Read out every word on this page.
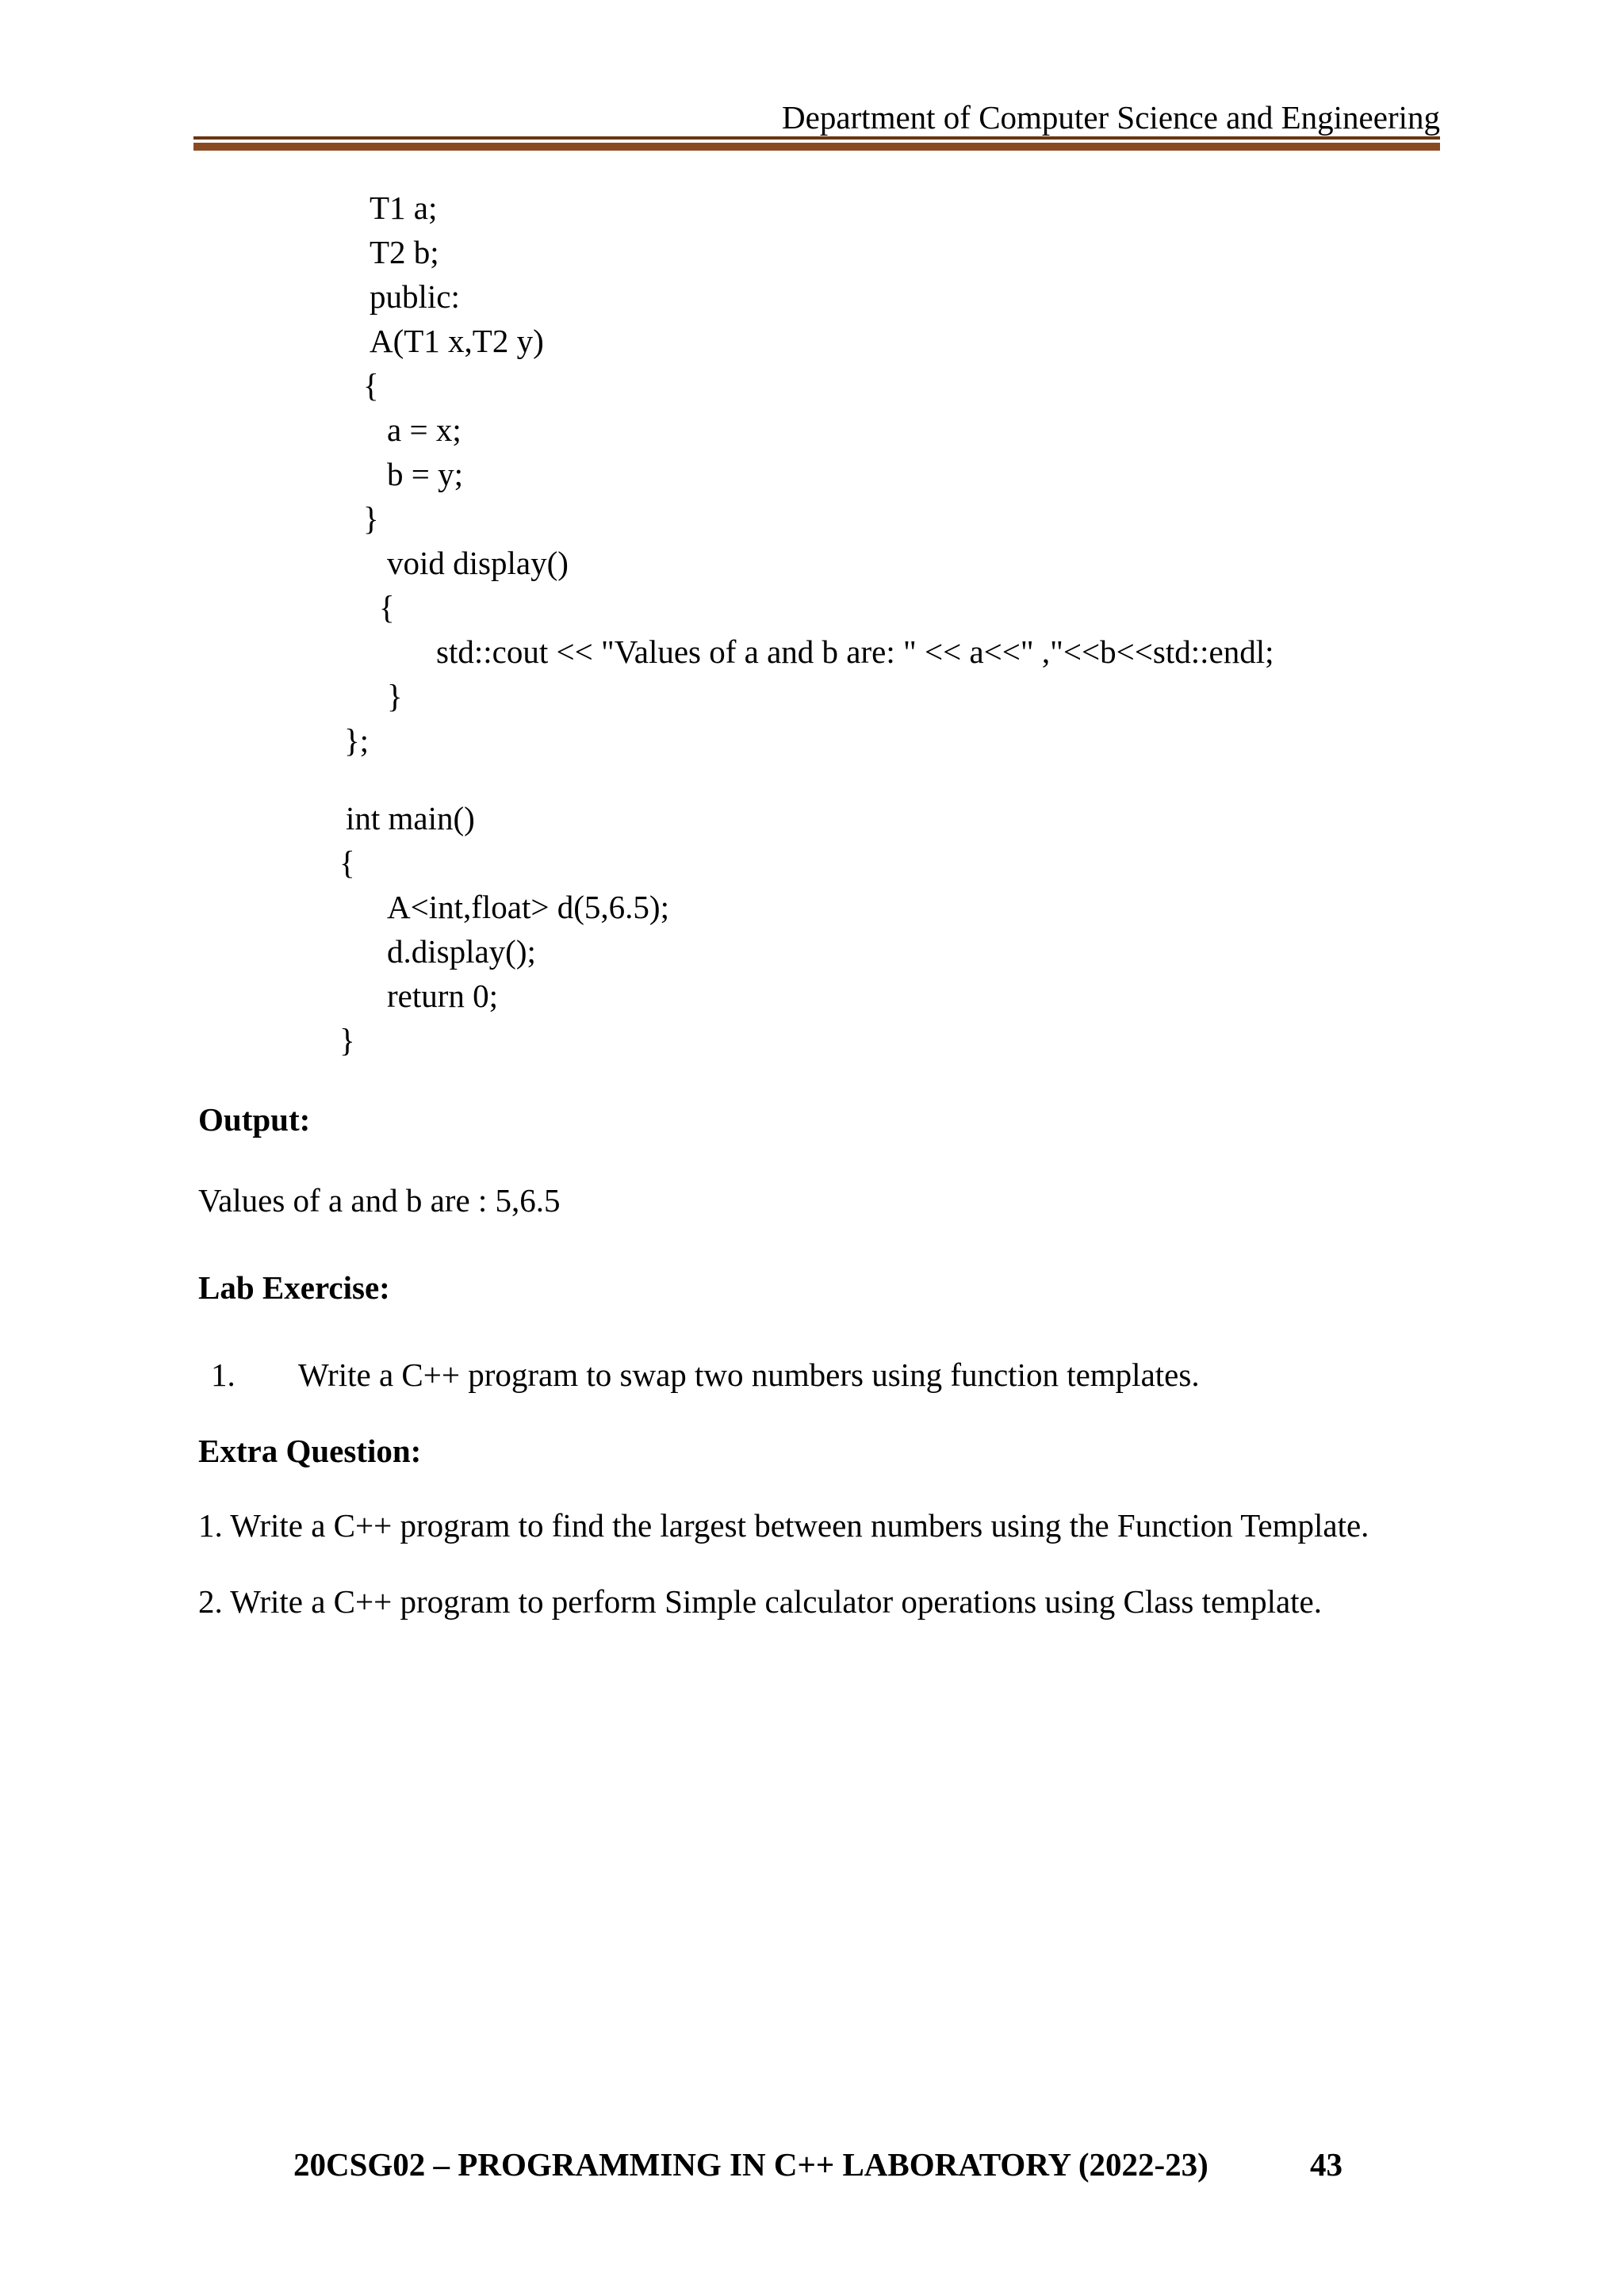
Department of Computer Science and Engineering
T1 a;
T2 b;
public:
A(T1 x,T2 y)
{
a = x;
b = y;
}
void display()
{
std::cout << "Values of a and b are: " << a<<" ,"<<b<<std::endl;
}
};
int main()
{
A<int,float> d(5,6.5);
d.display();
return 0;
}
Output:
Values of a and b are : 5,6.5
Lab Exercise:
1. Write a C++ program to swap two numbers using function templates.
Extra Question:
1. Write a C++ program to find the largest between numbers using the Function Template.
2. Write a C++ program to perform Simple calculator operations using Class template.
20CSG02 – PROGRAMMING IN C++ LABORATORY (2022-23)	43
